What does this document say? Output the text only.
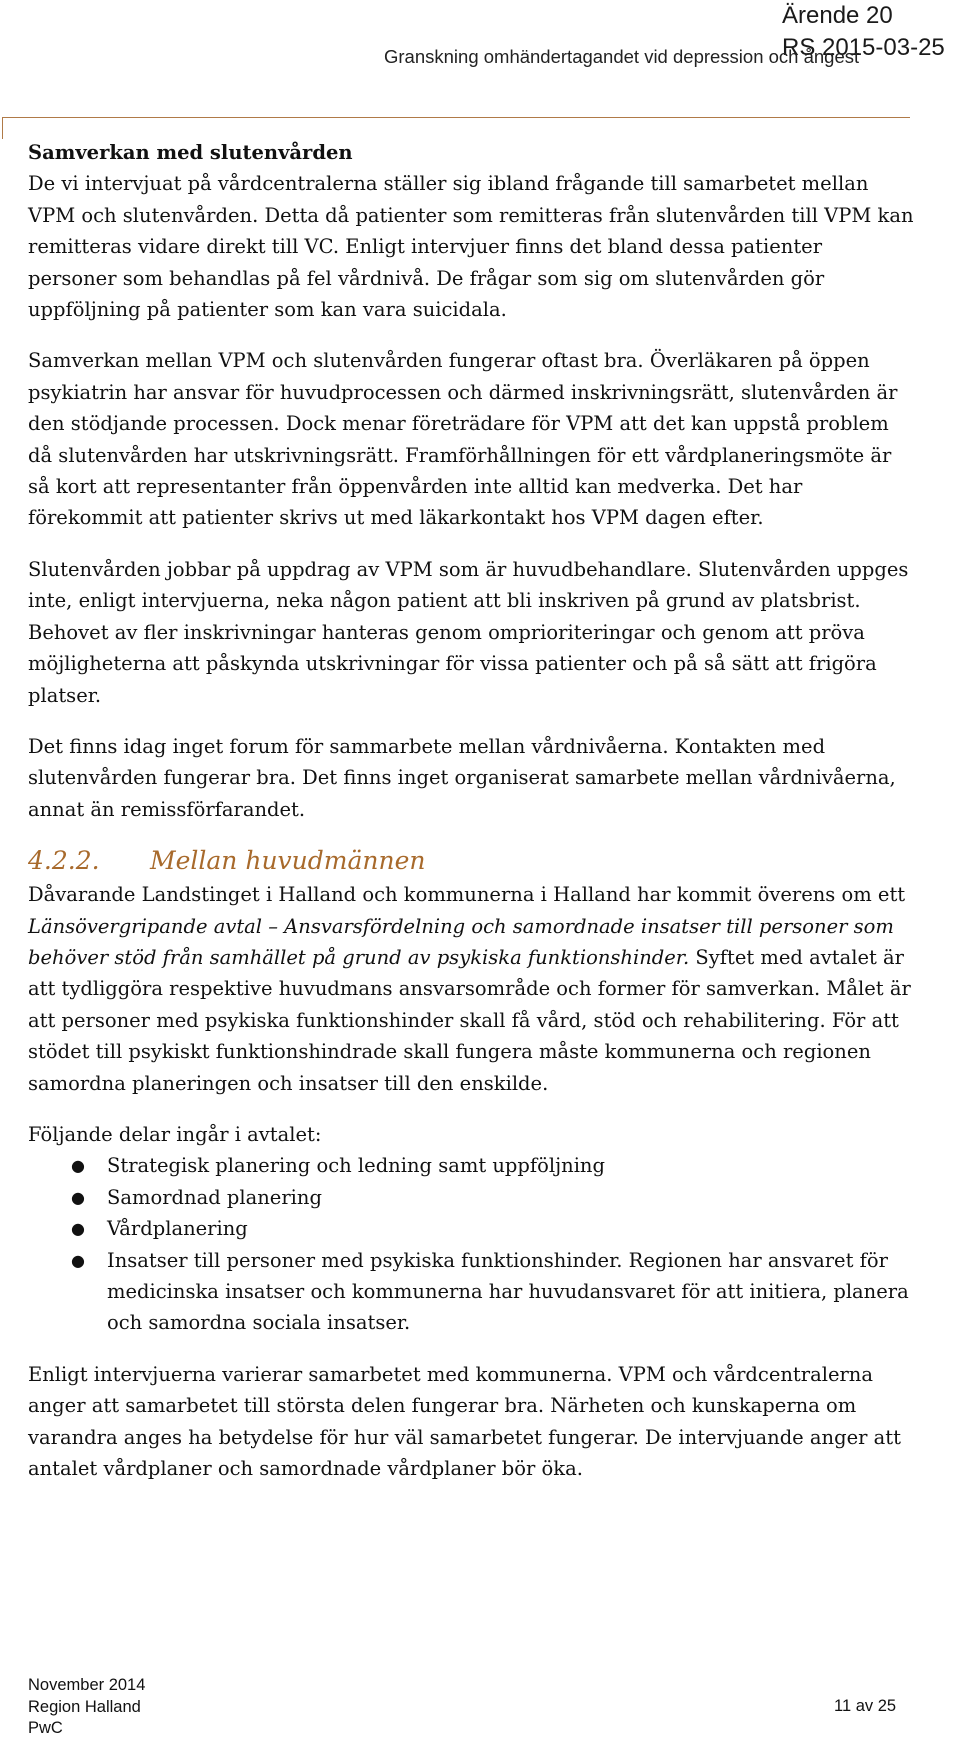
Ärende 20
RS 2015-03-25
Granskning omhändertagandet vid depression och ångest

Samverkan med slutenvården

De vi intervjuat på vårdcentralerna ställer sig ibland frågande till samarbetet mellan VPM och slutenvården. Detta då patienter som remitteras från slutenvården till VPM kan remitteras vidare direkt till VC. Enligt intervjuer finns det bland dessa patienter personer som behandlas på fel vårdnivå. De frågar som sig om slutenvården gör uppföljning på patienter som kan vara suicidala.

Samverkan mellan VPM och slutenvården fungerar oftast bra. Överläkaren på öppen psykiatrin har ansvar för huvudprocessen och därmed inskrivningsrätt, slutenvården är den stödjande processen. Dock menar företrädare för VPM att det kan uppstå problem då slutenvården har utskrivningsrätt. Framförhållningen för ett vårdplaneringsmöte är så kort att representanter från öppenvården inte alltid kan medverka. Det har förekommit att patienter skrivs ut med läkarkontakt hos VPM dagen efter.

Slutenvården jobbar på uppdrag av VPM som är huvudbehandlare. Slutenvården uppges inte, enligt intervjuerna, neka någon patient att bli inskriven på grund av platsbrist. Behovet av fler inskrivningar hanteras genom omprioriteringar och genom att pröva möjligheterna att påskynda utskrivningar för vissa patienter och på så sätt att frigöra platser.

Det finns idag inget forum för sammarbete mellan vårdnivåerna. Kontakten med slutenvården fungerar bra. Det finns inget organiserat samarbete mellan vårdnivåerna, annat än remissförfarandet.

4.2.2. Mellan huvudmännen

Dåvarande Landstinget i Halland och kommunerna i Halland har kommit överens om ett Länsövergripande avtal – Ansvarsfördelning och samordnade insatser till personer som behöver stöd från samhället på grund av psykiska funktionshinder. Syftet med avtalet är att tydliggöra respektive huvudmans ansvarsområde och former för samverkan. Målet är att personer med psykiska funktionshinder skall få vård, stöd och rehabilitering. För att stödet till psykiskt funktionshindrade skall fungera måste kommunerna och regionen samordna planeringen och insatser till den enskilde.

Följande delar ingår i avtalet:

● Strategisk planering och ledning samt uppföljning
● Samordnad planering
● Vårdplanering
● Insatser till personer med psykiska funktionshinder. Regionen har ansvaret för medicinska insatser och kommunerna har huvudansvaret för att initiera, planera och samordna sociala insatser.

Enligt intervjuerna varierar samarbetet med kommunerna. VPM och vårdcentralerna anger att samarbetet till största delen fungerar bra. Närheten och kunskaperna om varandra anges ha betydelse för hur väl samarbetet fungerar. De intervjuande anger att antalet vårdplaner och samordnade vårdplaner bör öka.

November 2014
Region Halland
PwC
11 av 25
